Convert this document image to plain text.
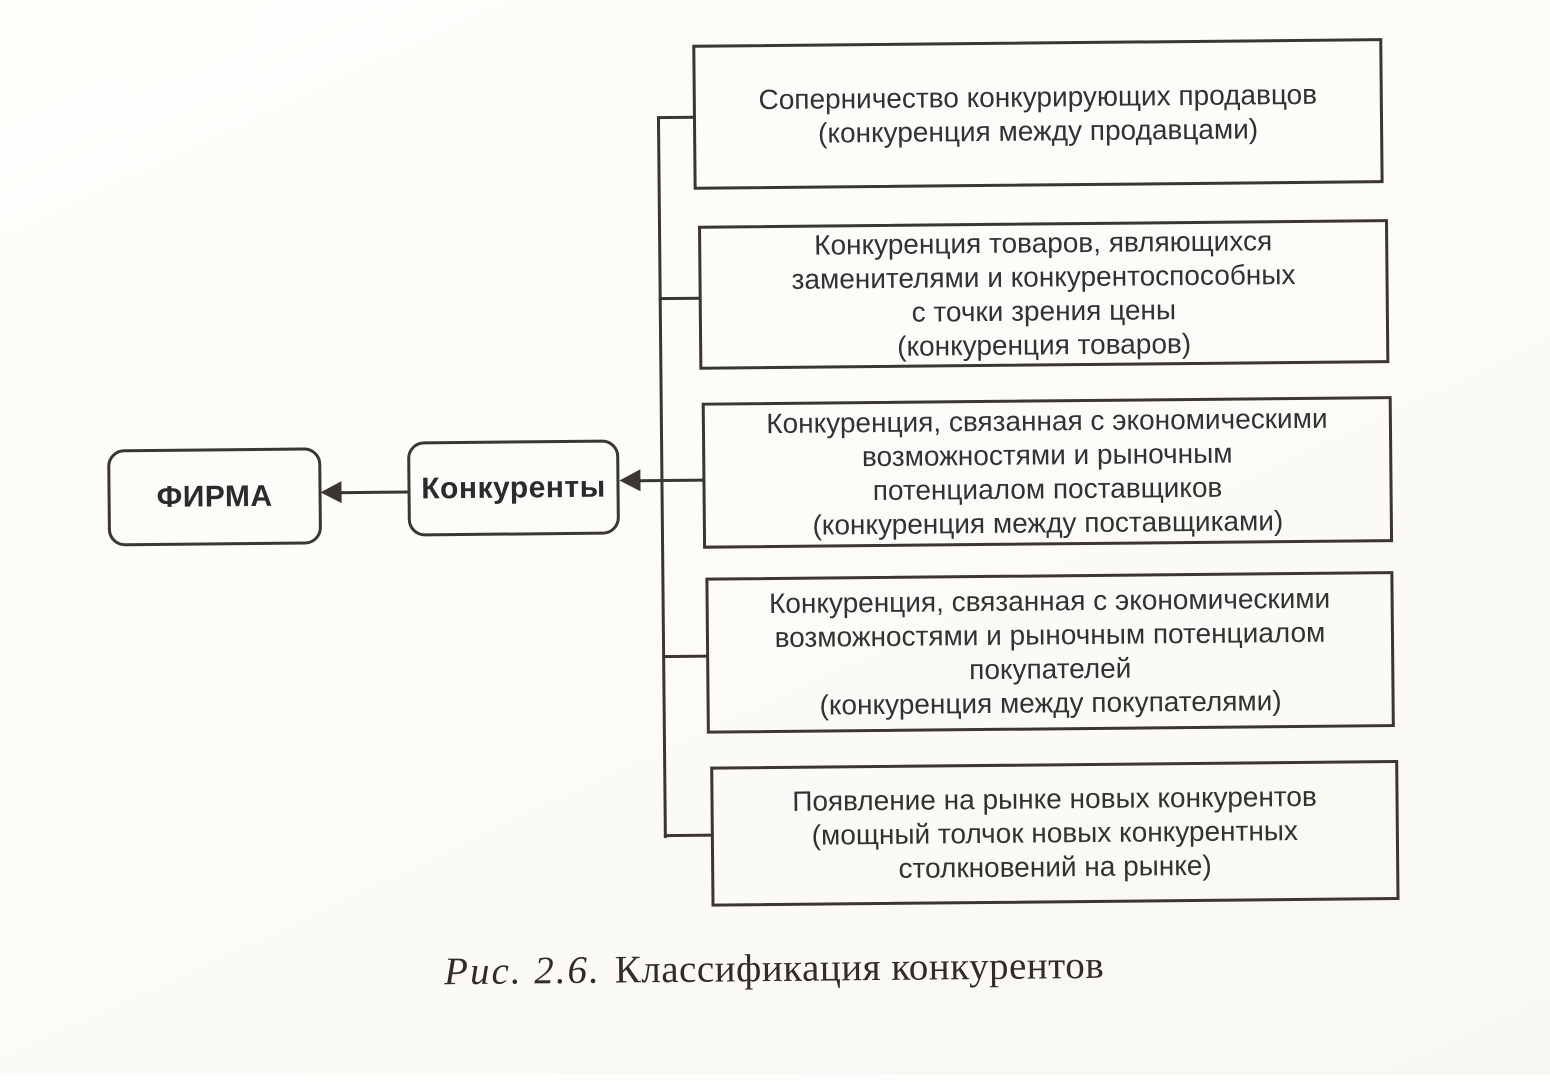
ФИРМА	Конкуренты
Соперничество конкурирующих продавцов
(конкуренция между продавцами)
Конкуренция товаров, являющихся
заменителями и конкурентоспособных
с точки зрения цены
(конкуренция товаров)
Конкуренция, связанная с экономическими
возможностями и рыночным
потенциалом поставщиков
(конкуренция между поставщиками)
Конкуренция, связанная с экономическими
возможностями и рыночным потенциалом
покупателей
(конкуренция между покупателями)
Появление на рынке новых конкурентов
(мощный толчок новых конкурентных
столкновений на рынке)
Рис. 2.6. Классификация конкурентов
